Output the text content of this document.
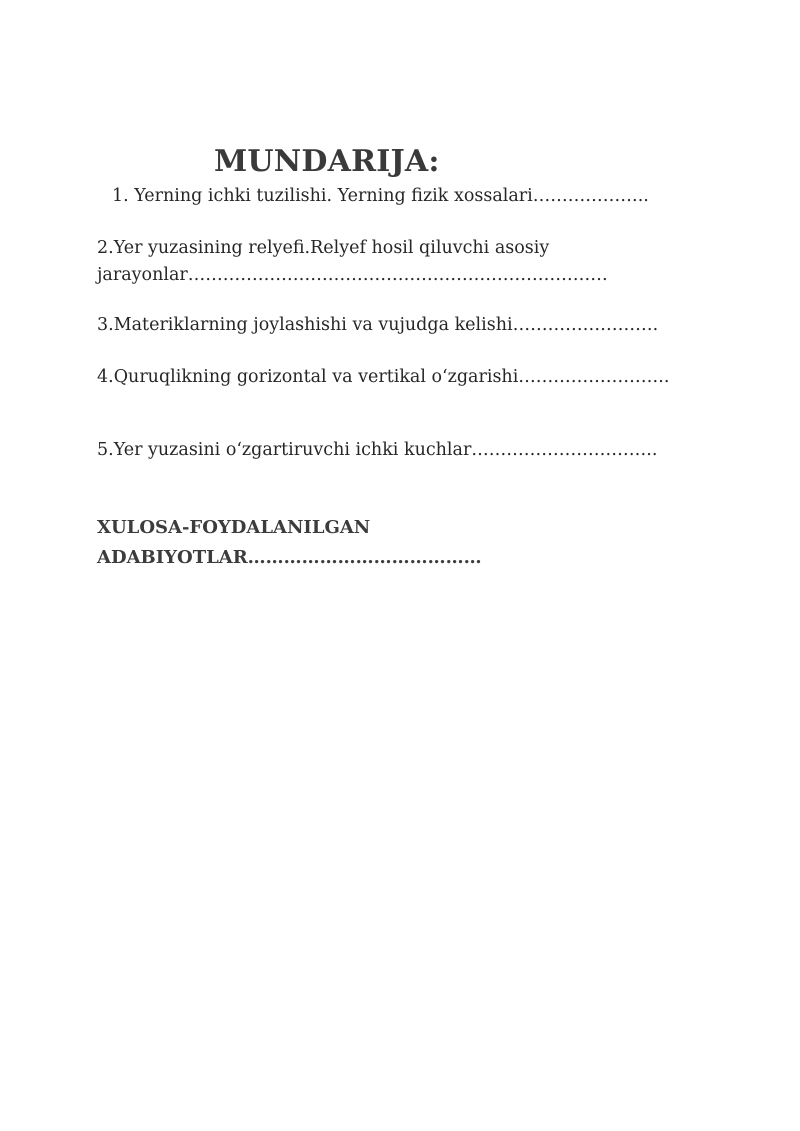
MUNDARIJA:

1. Yerning ichki tuzilishi. Yerning fizik xossalari………………..

2.Yer yuzasining relyefi.Relyef hosil qiluvchi asosiy
jarayonlar………………………………………………………………

3.Materiklarning joylashishi va vujudga kelishi…………………….

4.Quruqlikning gorizontal va vertikal o‘zgarishi……………………..

5.Yer yuzasini o‘zgartiruvchi ichki kuchlar…………………………..

XULOSA-FOYDALANILGAN
ADABIYOTLAR…………………………………
